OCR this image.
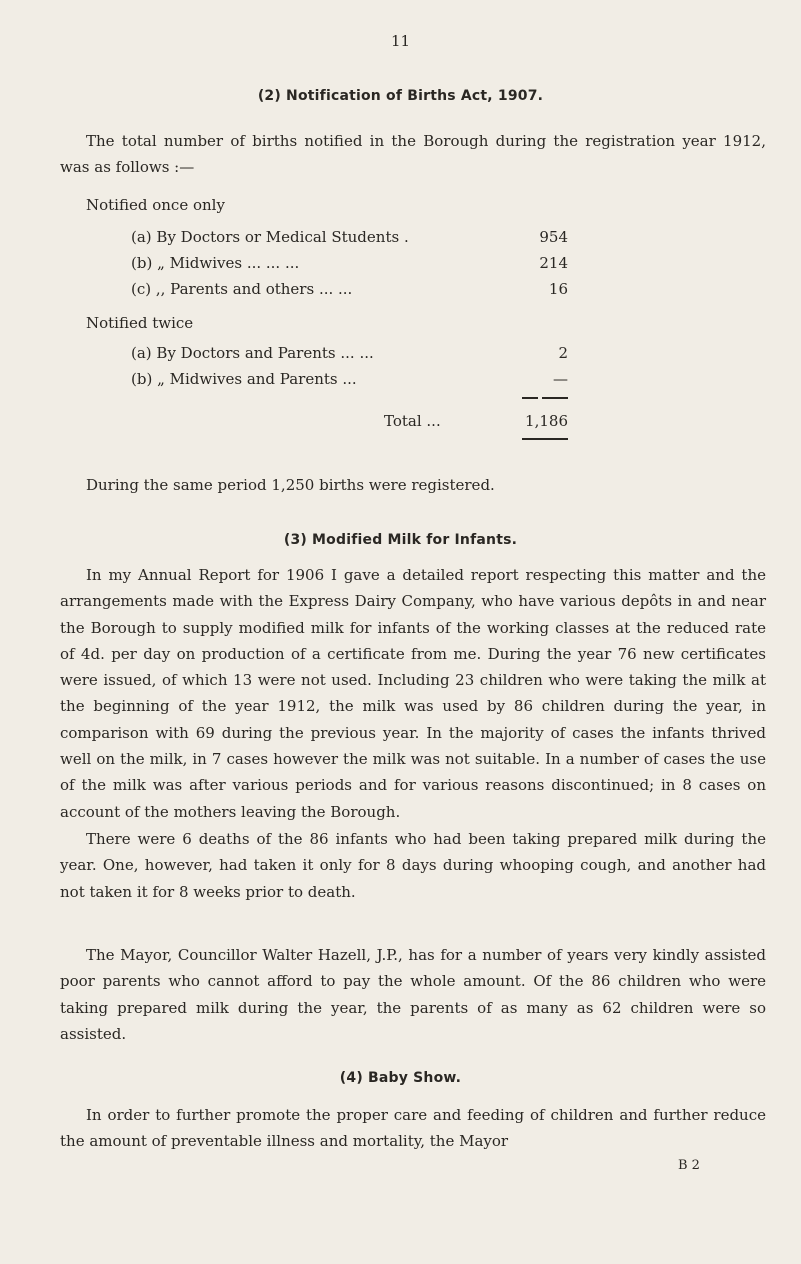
11
(2) Notification of Births Act, 1907.

The total number of births notified in the Borough during the registration year 1912, was as follows :—

Notified once only
(a) By Doctors or Medical Students .	954
(b) „ Midwives ... ... ...	214
(c) ,, Parents and others ... ...	16
Notified twice
(a) By Doctors and Parents ... ...	2
(b) „ Midwives and Parents ...	—
Total ...	1,186

During the same period 1,250 births were registered.

(3) Modified Milk for Infants.

In my Annual Report for 1906 I gave a detailed report respecting this matter and the arrangements made with the Express Dairy Company, who have various depôts in and near the Borough to supply modified milk for infants of the working classes at the reduced rate of 4d. per day on production of a certificate from me. During the year 76 new certificates were issued, of which 13 were not used. Including 23 children who were taking the milk at the beginning of the year 1912, the milk was used by 86 children during the year, in comparison with 69 during the previous year. In the majority of cases the infants thrived well on the milk, in 7 cases however the milk was not suitable. In a number of cases the use of the milk was after various periods and for various reasons discontinued; in 8 cases on account of the mothers leaving the Borough.

There were 6 deaths of the 86 infants who had been taking prepared milk during the year. One, however, had taken it only for 8 days during whooping cough, and another had not taken it for 8 weeks prior to death.

The Mayor, Councillor Walter Hazell, J.P., has for a number of years very kindly assisted poor parents who cannot afford to pay the whole amount. Of the 86 children who were taking prepared milk during the year, the parents of as many as 62 children were so assisted.

(4) Baby Show.

In order to further promote the proper care and feeding of children and further reduce the amount of preventable illness and mortality, the Mayor

B 2
